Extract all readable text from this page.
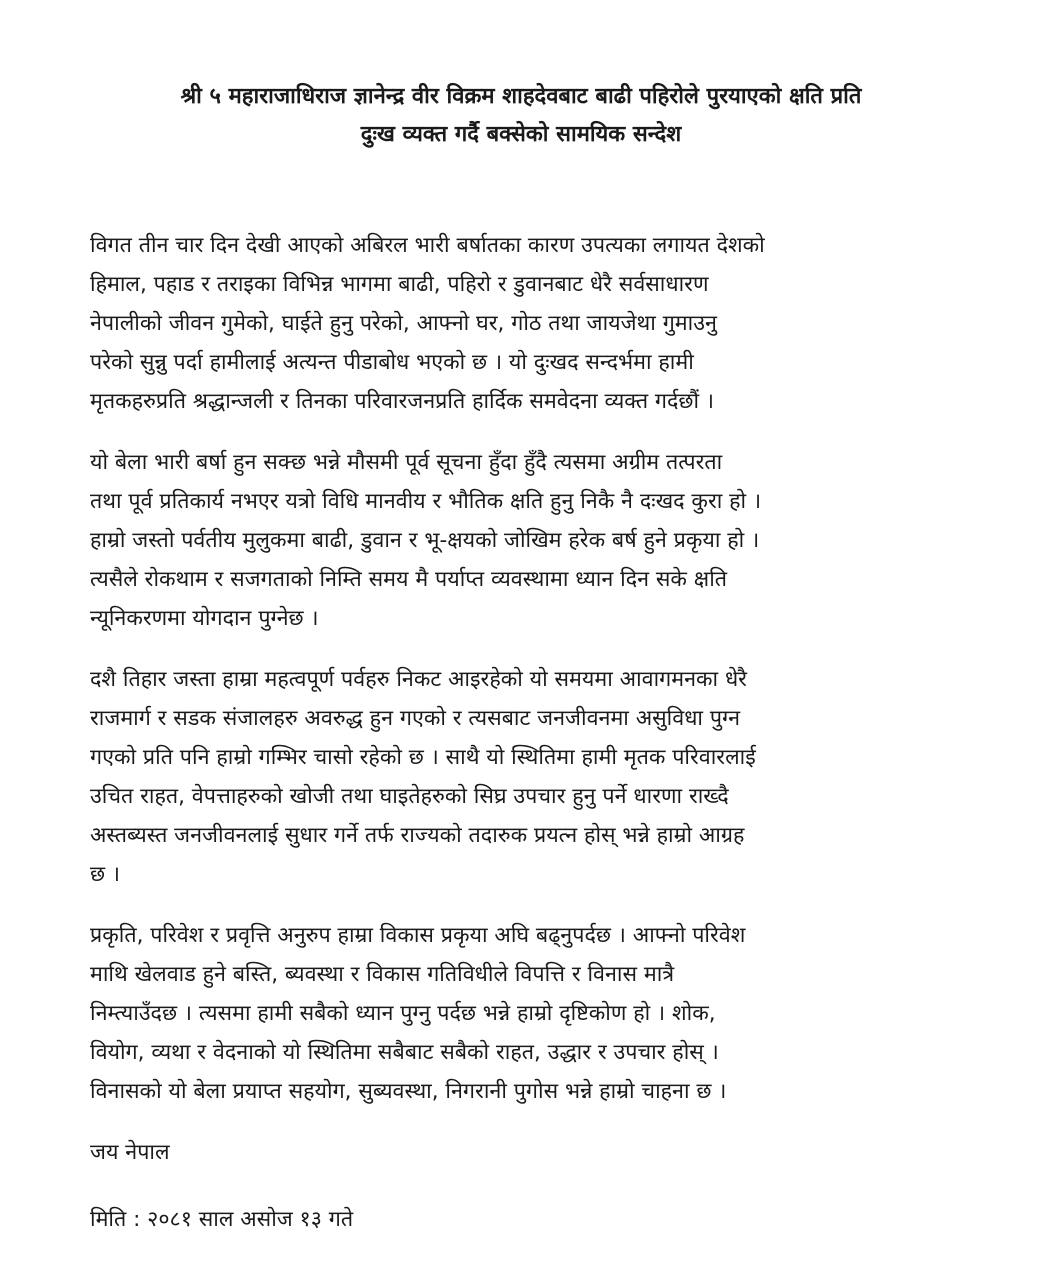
श्री ५ महाराजाधिराज ज्ञानेन्द्र वीर विक्रम शाहदेवबाट बाढी पहिरोले पुरयाएको क्षति प्रति
दुःख व्यक्त गर्दै बक्सेको सामयिक सन्देश

विगत तीन चार दिन देखी आएको अबिरल भारी बर्षातका कारण उपत्यका लगायत देशको
हिमाल, पहाड र तराइका विभिन्न भागमा बाढी, पहिरो र डुवानबाट धेरै सर्वसाधारण
नेपालीको जीवन गुमेको, घाईते हुनु परेको, आफ्नो घर, गोठ तथा जायजेथा गुमाउनु
परेको सुन्नु पर्दा हामीलाई अत्यन्त पीडाबोध भएको छ । यो दुःखद सन्दर्भमा हामी
मृतकहरुप्रति श्रद्धान्जली र तिनका परिवारजनप्रति हार्दिक समवेदना व्यक्त गर्दछौं ।

यो बेला भारी बर्षा हुन सक्छ भन्ने मौसमी पूर्व सूचना हुँदा हुँदै त्यसमा अग्रीम तत्परता
तथा पूर्व प्रतिकार्य नभएर यत्रो विधि मानवीय र भौतिक क्षति हुनु निकै नै दःखद कुरा हो ।
हाम्रो जस्तो पर्वतीय मुलुकमा बाढी, डुवान र भू-क्षयको जोखिम हरेक बर्ष हुने प्रकृया हो ।
त्यसैले रोकथाम र सजगताको निम्ति समय मै पर्याप्त व्यवस्थामा ध्यान दिन सके क्षति
न्यूनिकरणमा योगदान पुग्नेछ ।

दशै तिहार जस्ता हाम्रा महत्वपूर्ण पर्वहरु निकट आइरहेको यो समयमा आवागमनका धेरै
राजमार्ग र सडक संजालहरु अवरुद्ध हुन गएको र त्यसबाट जनजीवनमा असुविधा पुग्न
गएको प्रति पनि हाम्रो गम्भिर चासो रहेको छ । साथै यो स्थितिमा हामी मृतक परिवारलाई
उचित राहत, वेपत्ताहरुको खोजी तथा घाइतेहरुको सिघ्र उपचार हुनु पर्ने धारणा राख्दै
अस्तब्यस्त जनजीवनलाई सुधार गर्ने तर्फ राज्यको तदारुक प्रयत्न होस् भन्ने हाम्रो आग्रह
छ ।

प्रकृति, परिवेश र प्रवृत्ति अनुरुप हाम्रा विकास प्रकृया अघि बढ्नुपर्दछ । आफ्नो परिवेश
माथि खेलवाड हुने बस्ति, ब्यवस्था र विकास गतिविधीले विपत्ति र विनास मात्रै
निम्त्याउँदछ । त्यसमा हामी सबैको ध्यान पुग्नु पर्दछ भन्ने हाम्रो दृष्टिकोण हो । शोक,
वियोग, व्यथा र वेदनाको यो स्थितिमा सबैबाट सबैको राहत, उद्धार र उपचार होस् ।
विनासको यो बेला प्रयाप्त सहयोग, सुब्यवस्था, निगरानी पुगोस भन्ने हाम्रो चाहना छ ।

जय नेपाल

मिति : २०८१ साल असोज १३ गते
